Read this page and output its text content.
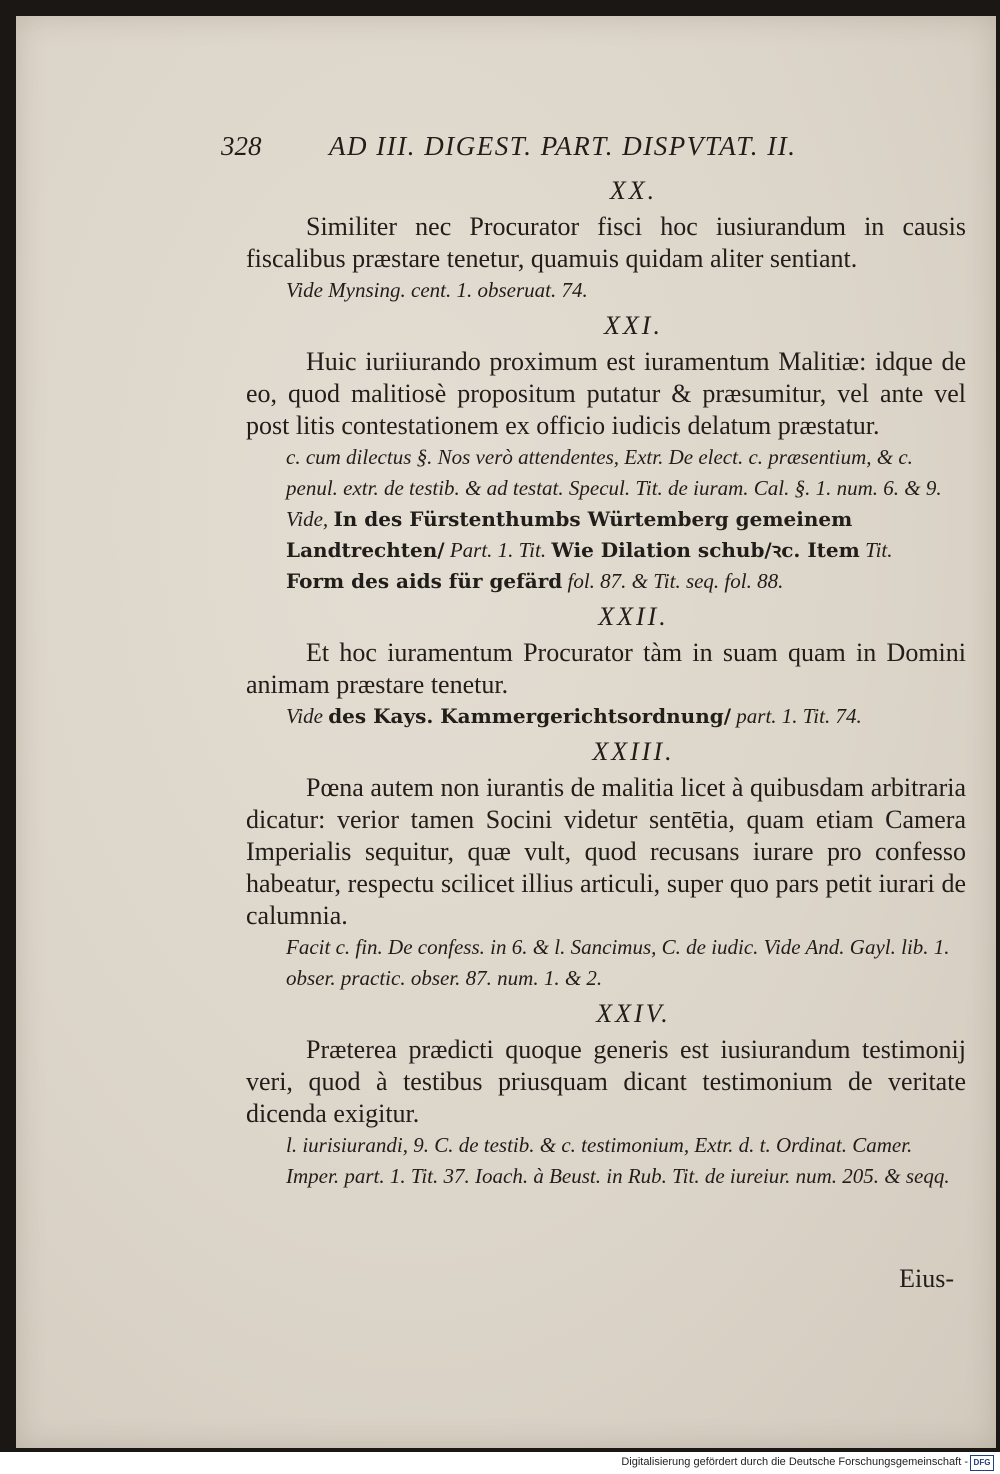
328	AD III. DIGEST. PART. DISPVTAT. II.
XX.

Similiter nec Procurator fisci hoc iusiurandum in causis fiscalibus præstare tenetur, quamuis quidam aliter sentiant.

Vide Mynsing. cent. 1. obseruat. 74.

XXI.

Huic iuriiurando proximum est iuramentum Malitiæ: idque de eo, quod malitiosè propositum putatur & præsumitur, vel ante vel post litis contestationem ex officio iudicis delatum præstatur.

c. cum dilectus §. Nos verò attendentes, Extr. De elect. c. præsentium, & c. penul. extr. de testib. & ad testat. Specul. Tit. de iuram. Cal. §. 1. num. 6. & 9. Vide, In des Fürstenthumbs Würtemberg gemeinem Landtrechten/ Part. 1. Tit. Wie Dilation schub/ꝛc. Item Tit. Form des aids für gefärd fol. 87. & Tit. seq. fol. 88.

XXII.

Et hoc iuramentum Procurator tàm in suam quam in Domini animam præstare tenetur.

Vide des Kays. Kammergerichtsordnung/ part. 1. Tit. 74.

XXIII.

Pœna autem non iurantis de malitia licet à quibusdam arbitraria dicatur: verior tamen Socini videtur sentētia, quam etiam Camera Imperialis sequitur, quæ vult, quod recusans iurare pro confesso habeatur, respectu scilicet illius articuli, super quo pars petit iurari de calumnia.

Facit c. fin. De confess. in 6. & l. Sancimus, C. de iudic. Vide And. Gayl. lib. 1. obser. practic. obser. 87. num. 1. & 2.

XXIV.

Præterea prædicti quoque generis est iusiurandum testimonij veri, quod à testibus priusquam dicant testimonium de veritate dicenda exigitur.

l. iurisiurandi, 9. C. de testib. & c. testimonium, Extr. d. t. Ordinat. Camer. Imper. part. 1. Tit. 37. Ioach. à Beust. in Rub. Tit. de iureiur. num. 205. & seqq.

Eius-
Digitalisierung gefördert durch die Deutsche Forschungsgemeinschaft - DFG
